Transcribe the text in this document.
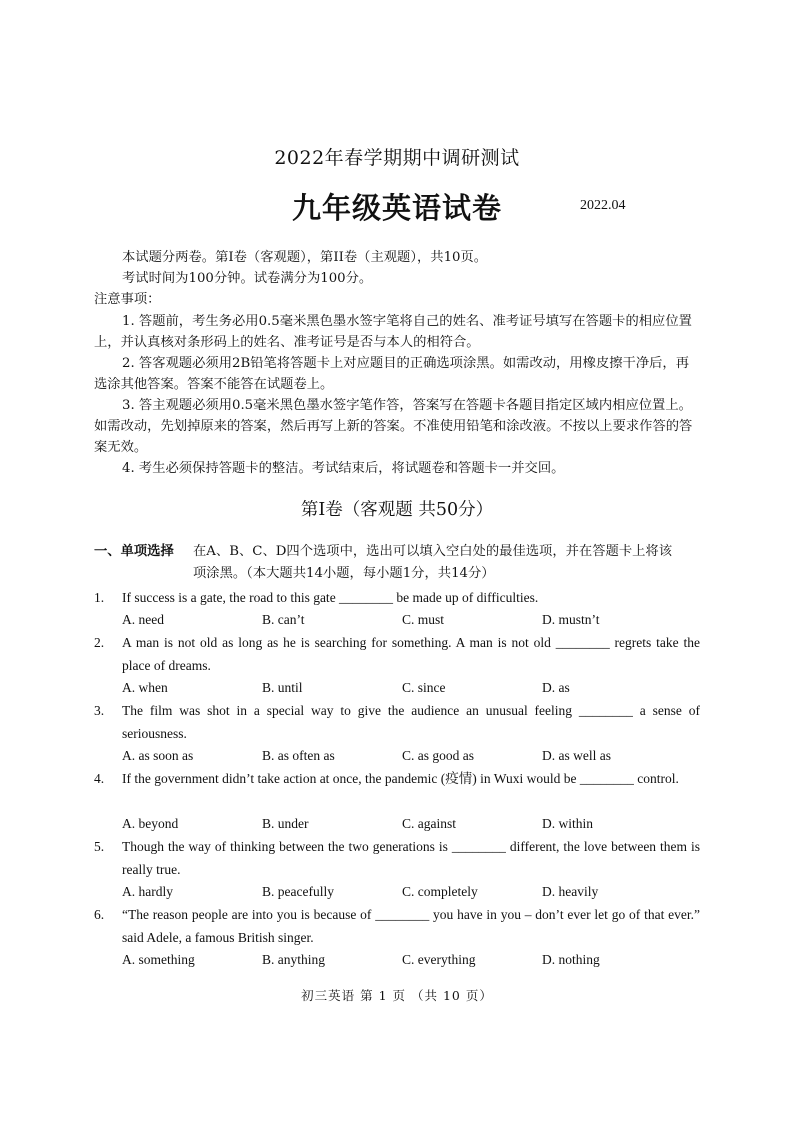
2022年春学期期中调研测试
九年级英语试卷	2022.04
本试题分两卷。第I卷（客观题），第II卷（主观题），共10页。
考试时间为100分钟。试卷满分为100分。
注意事项：
1. 答题前，考生务必用0.5毫米黑色墨水签字笔将自己的姓名、准考证号填写在答题卡的相应位置上，并认真核对条形码上的姓名、准考证号是否与本人的相符合。
2. 答客观题必须用2B铅笔将答题卡上对应题目的正确选项涂黑。如需改动，用橡皮擦干净后，再选涂其他答案。答案不能答在试题卷上。
3. 答主观题必须用0.5毫米黑色墨水签字笔作答，答案写在答题卡各题目指定区域内相应位置上。如需改动，先划掉原来的答案，然后再写上新的答案。不准使用铅笔和涂改液。不按以上要求作答的答案无效。
4. 考生必须保持答题卡的整洁。考试结束后，将试题卷和答题卡一并交回。
第I卷（客观题 共50分）
一、单项选择 在A、B、C、D四个选项中，选出可以填入空白处的最佳选项，并在答题卡上将该
项涂黑。（本大题共14小题，每小题1分，共14分）
1. If success is a gate, the road to this gate ________ be made up of difficulties.
A. need	B. can’t	C. must	D. mustn’t
2. A man is not old as long as he is searching for something. A man is not old ________ regrets take the place of dreams.
A. when	B. until	C. since	D. as
3. The film was shot in a special way to give the audience an unusual feeling ________ a sense of seriousness.
A. as soon as	B. as often as	C. as good as	D. as well as
4. If the government didn’t take action at once, the pandemic (疫情) in Wuxi would be ________ control.
A. beyond	B. under	C. against	D. within
5. Though the way of thinking between the two generations is ________ different, the love between them is really true.
A. hardly	B. peacefully	C. completely	D. heavily
6. “The reason people are into you is because of ________ you have in you – don’t ever let go of that ever.” said Adele, a famous British singer.
A. something	B. anything	C. everything	D. nothing
初三英语 第 1 页 （共 10 页）
